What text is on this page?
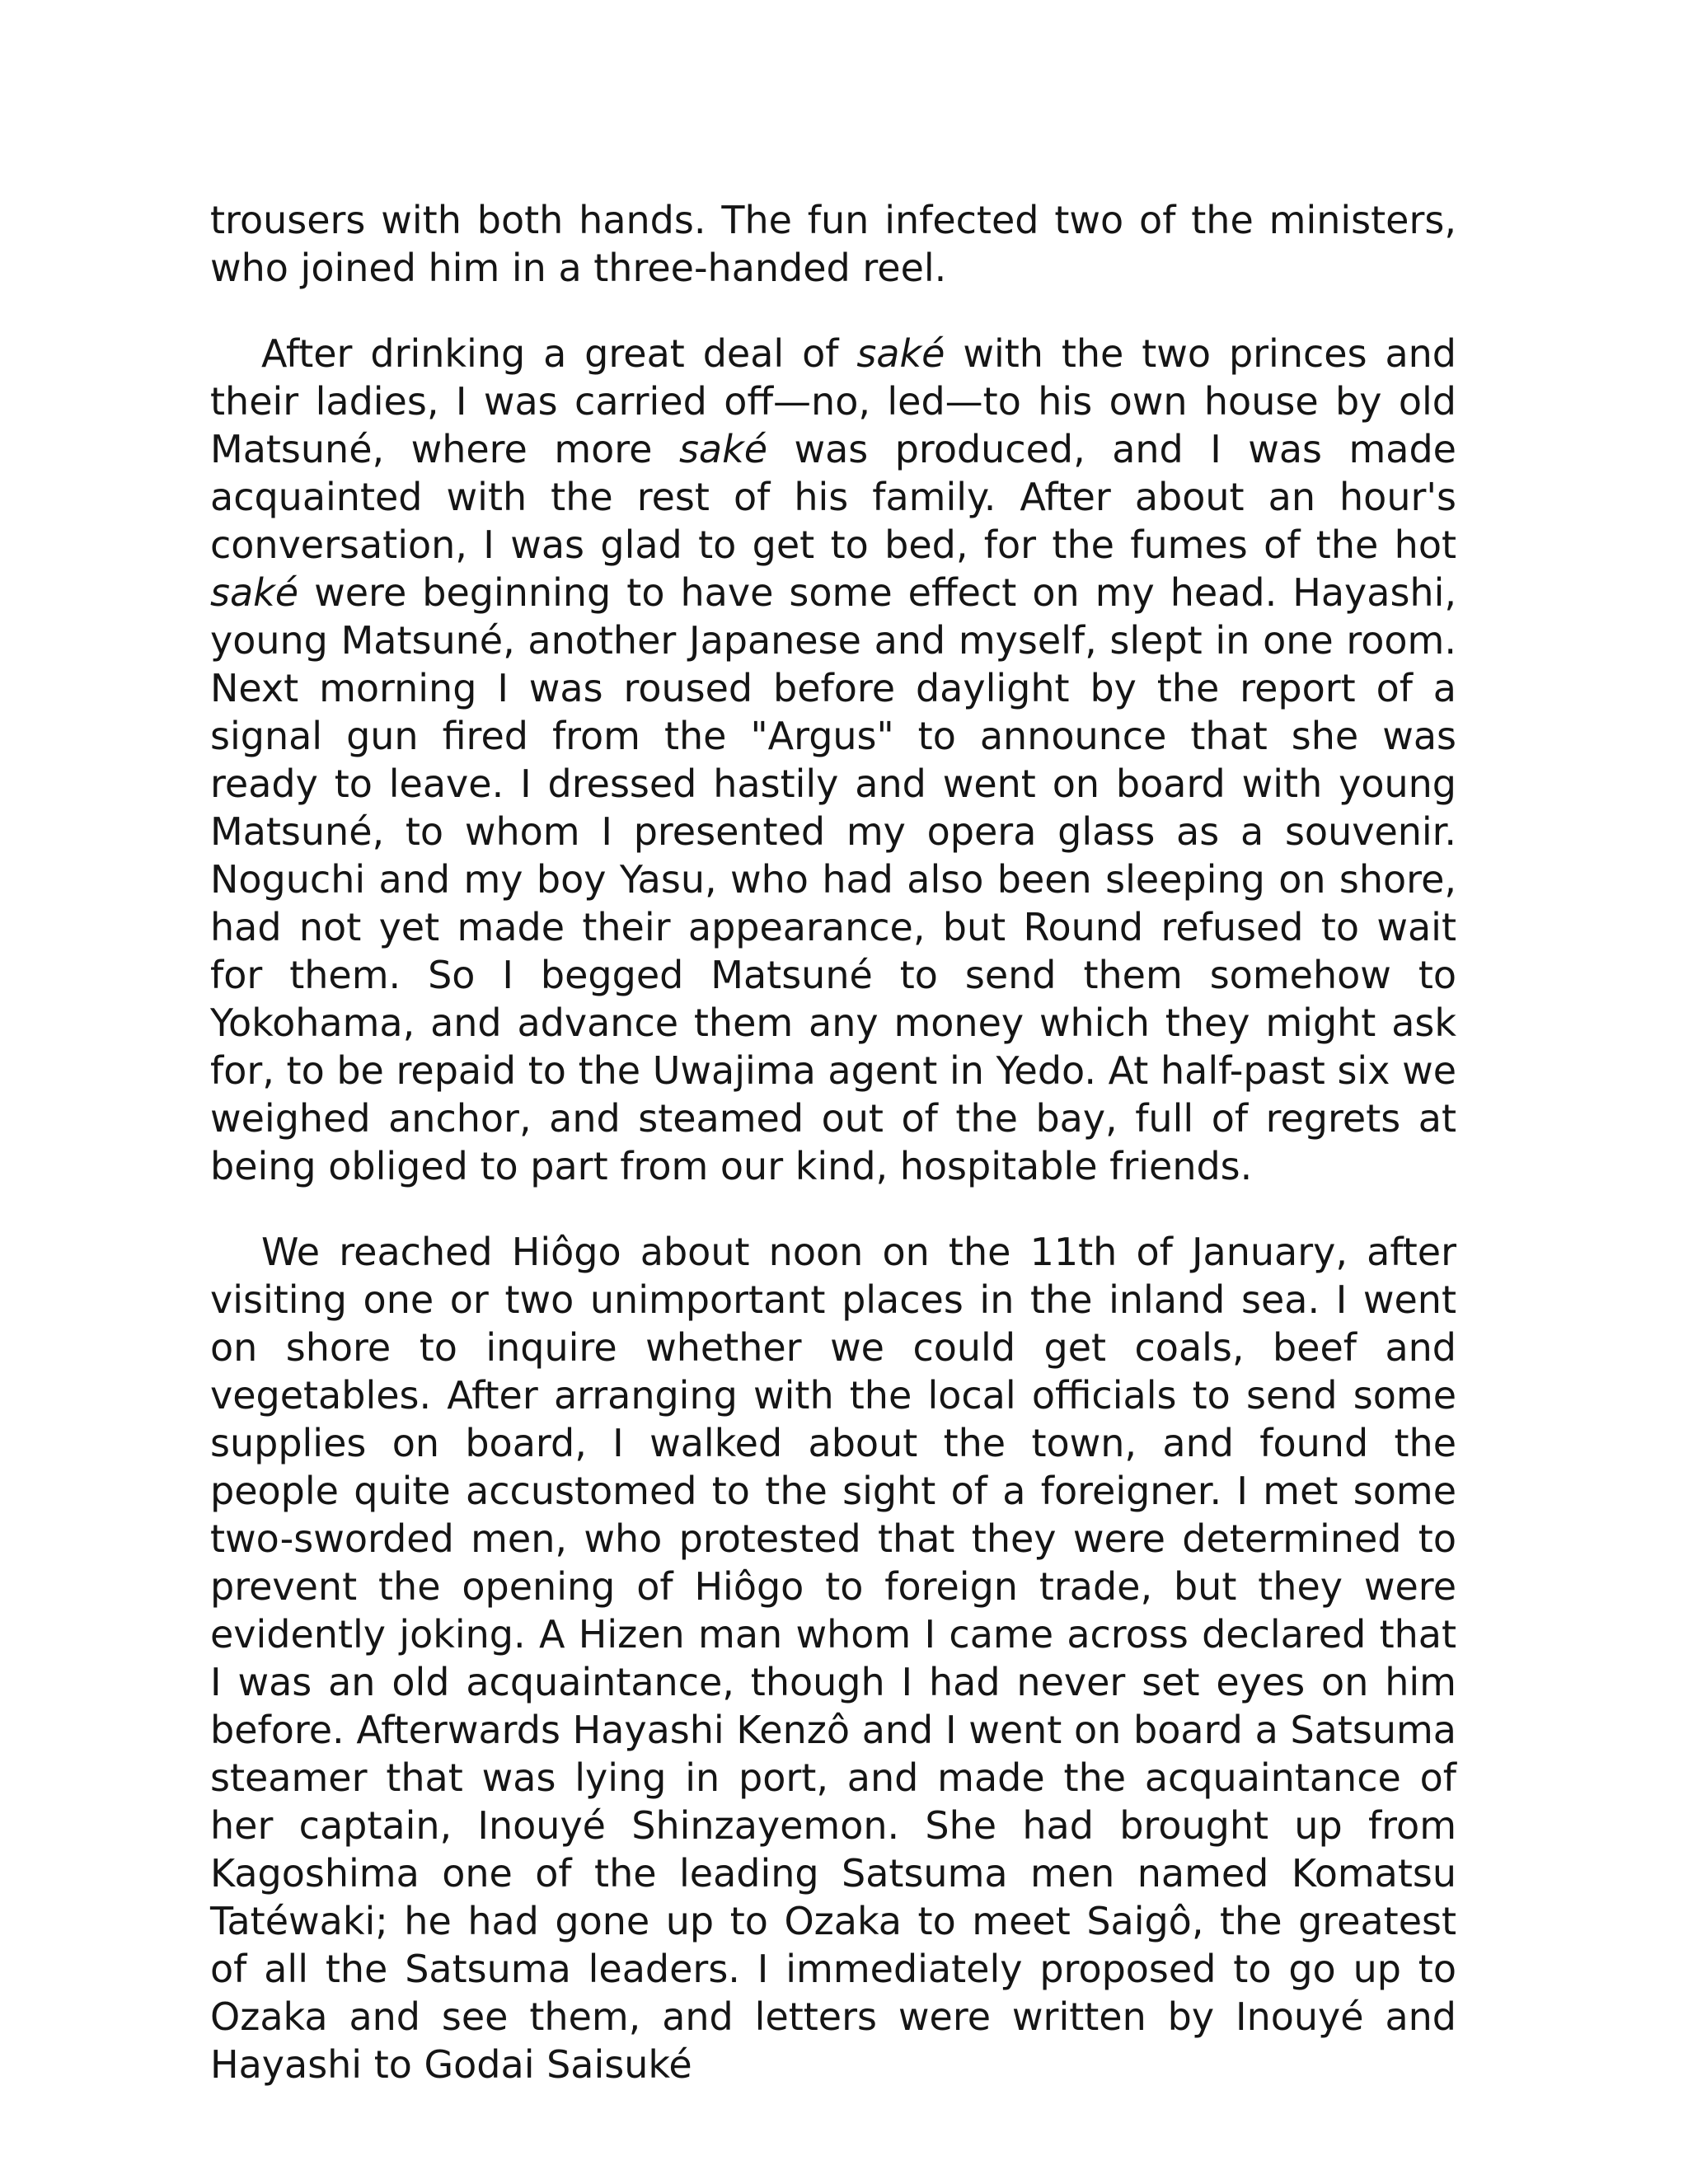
trousers with both hands. The fun infected two of the ministers, who joined him in a three-handed reel.

After drinking a great deal of saké with the two princes and their ladies, I was carried off—no, led—to his own house by old Matsuné, where more saké was produced, and I was made acquainted with the rest of his family. After about an hour's conversation, I was glad to get to bed, for the fumes of the hot saké were beginning to have some effect on my head. Hayashi, young Matsuné, another Japanese and myself, slept in one room. Next morning I was roused before daylight by the report of a signal gun fired from the "Argus" to announce that she was ready to leave. I dressed hastily and went on board with young Matsuné, to whom I presented my opera glass as a souvenir. Noguchi and my boy Yasu, who had also been sleeping on shore, had not yet made their appearance, but Round refused to wait for them. So I begged Matsuné to send them somehow to Yokohama, and advance them any money which they might ask for, to be repaid to the Uwajima agent in Yedo. At half-past six we weighed anchor, and steamed out of the bay, full of regrets at being obliged to part from our kind, hospitable friends.

We reached Hiôgo about noon on the 11th of January, after visiting one or two unimportant places in the inland sea. I went on shore to inquire whether we could get coals, beef and vegetables. After arranging with the local officials to send some supplies on board, I walked about the town, and found the people quite accustomed to the sight of a foreigner. I met some two-sworded men, who protested that they were determined to prevent the opening of Hiôgo to foreign trade, but they were evidently joking. A Hizen man whom I came across declared that I was an old acquaintance, though I had never set eyes on him before. Afterwards Hayashi Kenzô and I went on board a Satsuma steamer that was lying in port, and made the acquaintance of her captain, Inouyé Shinzayemon. She had brought up from Kagoshima one of the leading Satsuma men named Komatsu Tatéwaki; he had gone up to Ozaka to meet Saigô, the greatest of all the Satsuma leaders. I immediately proposed to go up to Ozaka and see them, and letters were written by Inouyé and Hayashi to Godai Saisuké
